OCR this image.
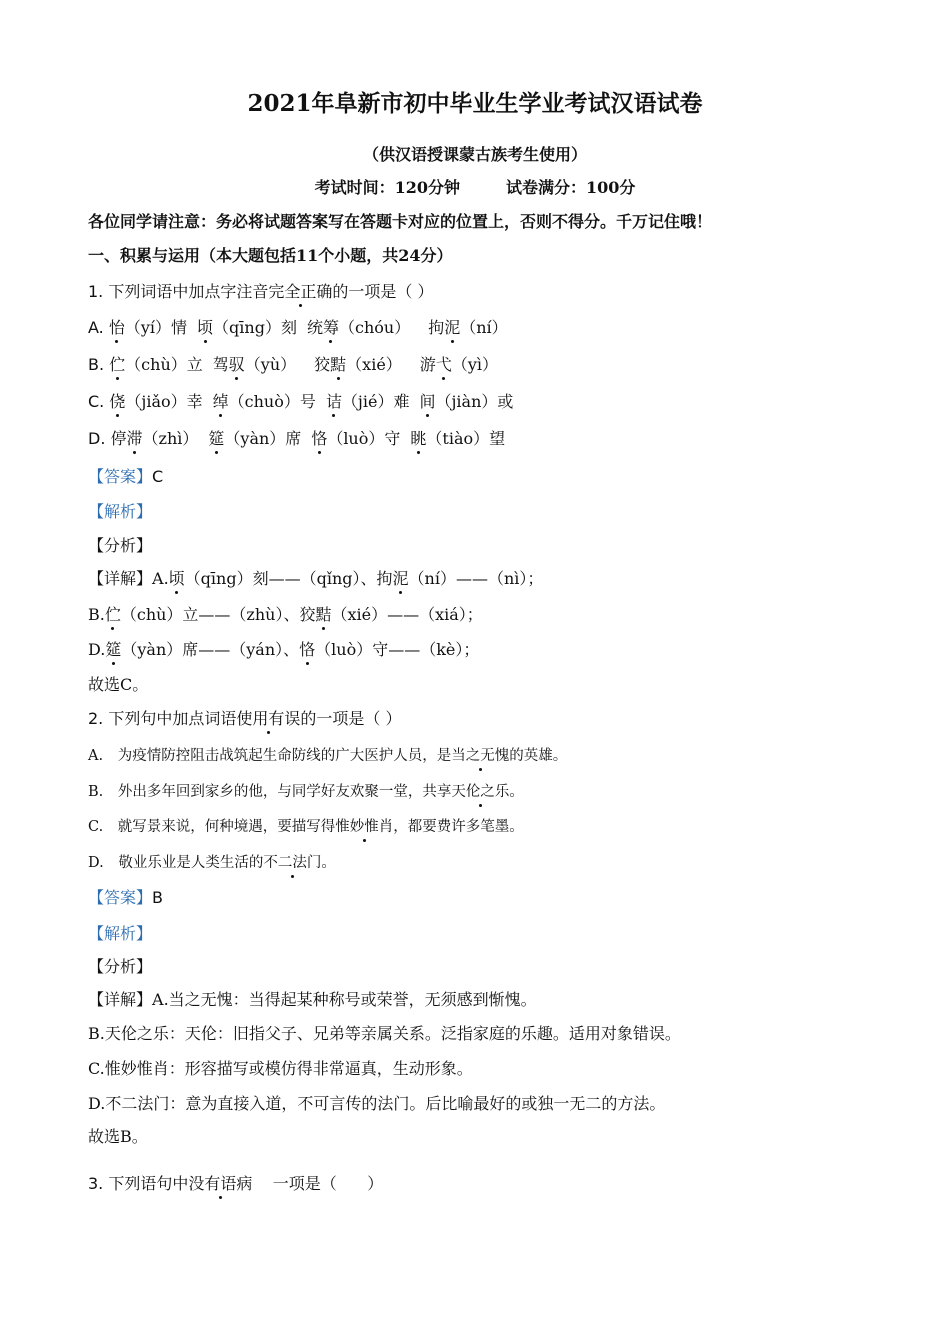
2021年阜新市初中毕业生学业考试汉语试卷
（供汉语授课蒙古族考生使用）
考试时间：120分钟	试卷满分：100分
各位同学请注意：务必将试题答案写在答题卡对应的位置上，否则不得分。千万记住哦！
一、积累与运用（本大题包括11个小题，共24分）
1. 下列词语中加点字注音完全正确的一项是（ ）
A. 怡（yí）情 顷（qīng）刻 统筹（chóu） 拘泥（ní）
B. 伫（chù）立 驾驭（yù） 狡黠（xié） 游弋（yì）
C. 侥（jiǎo）幸 绰（chuò）号 诘（jié）难 间（jiàn）或
D. 停滞（zhì） 筵（yàn）席 恪（luò）守 眺（tiào）望
【答案】C
【解析】
【分析】
【详解】A.顷（qīng）刻——（qǐng）、拘泥（ní）——（nì）；
B.伫（chù）立——（zhù）、狡黠（xié）——（xiá）；
D.筵（yàn）席——（yán）、恪（luò）守——（kè）；
故选C。
2. 下列句中加点词语使用有误的一项是（ ）
A. 为疫情防控阻击战筑起生命防线的广大医护人员，是当之无愧的英雄。
B. 外出多年回到家乡的他，与同学好友欢聚一堂，共享天伦之乐。
C. 就写景来说，何种境遇，要描写得惟妙惟肖，都要费许多笔墨。
D. 敬业乐业是人类生活的不二法门。
【答案】B
【解析】
【分析】
【详解】A.当之无愧：当得起某种称号或荣誉，无须感到惭愧。
B.天伦之乐：天伦：旧指父子、兄弟等亲属关系。泛指家庭的乐趣。适用对象错误。
C.惟妙惟肖：形容描写或模仿得非常逼真，生动形象。
D.不二法门：意为直接入道，不可言传的法门。后比喻最好的或独一无二的方法。
故选B。
3. 下列语句中没有语病    一项是（      ）
